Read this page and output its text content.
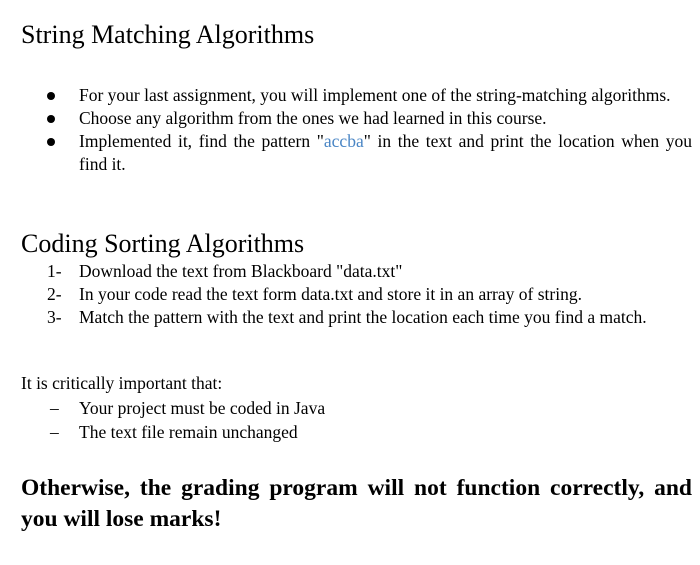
String Matching Algorithms
For your last assignment, you will implement one of the string-matching algorithms.
Choose any algorithm from the ones we had learned in this course.
Implemented it, find the pattern "accba" in the text and print the location when you find it.
Coding Sorting Algorithms
1- Download the text from Blackboard "data.txt"
2- In your code read the text form data.txt and store it in an array of string.
3- Match the pattern with the text and print the location each time you find a match.

It is critically important that:

– Your project must be coded in Java
– The text file remain unchanged

Otherwise, the grading program will not function correctly, and you will lose marks!
